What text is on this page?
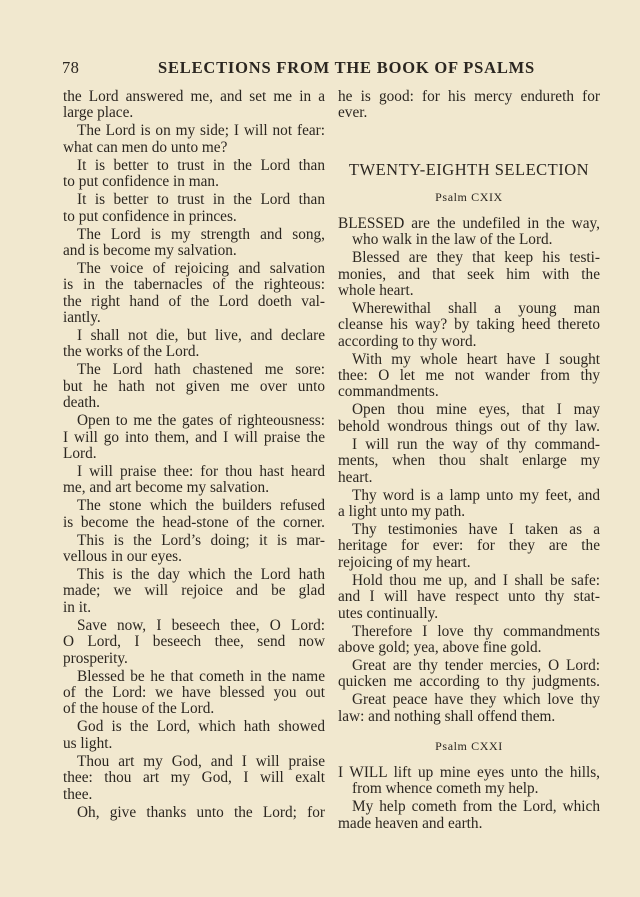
78	SELECTIONS FROM THE BOOK OF PSALMS
the Lord answered me, and set me in a
large place.
The Lord is on my side; I will not fear:
what can men do unto me?
It is better to trust in the Lord than
to put confidence in man.
It is better to trust in the Lord than
to put confidence in princes.
The Lord is my strength and song,
and is become my salvation.
The voice of rejoicing and salvation
is in the tabernacles of the righteous:
the right hand of the Lord doeth val-
iantly.
I shall not die, but live, and declare
the works of the Lord.
The Lord hath chastened me sore:
but he hath not given me over unto
death.
Open to me the gates of righteousness:
I will go into them, and I will praise the
Lord.
I will praise thee: for thou hast heard
me, and art become my salvation.
The stone which the builders refused
is become the head-stone of the corner.
This is the Lord’s doing; it is mar-
vellous in our eyes.
This is the day which the Lord hath
made; we will rejoice and be glad
in it.
Save now, I beseech thee, O Lord:
O Lord, I beseech thee, send now
prosperity.
Blessed be he that cometh in the name
of the Lord: we have blessed you out
of the house of the Lord.
God is the Lord, which hath showed
us light.
Thou art my God, and I will praise
thee: thou art my God, I will exalt
thee.
Oh, give thanks unto the Lord; for
he is good: for his mercy endureth for
ever.
TWENTY-EIGHTH SELECTION
Psalm CXIX
BLESSED are the undefiled in the way,
who walk in the law of the Lord.
Blessed are they that keep his testi-
monies, and that seek him with the
whole heart.
Wherewithal shall a young man
cleanse his way? by taking heed thereto
according to thy word.
With my whole heart have I sought
thee: O let me not wander from thy
commandments.
Open thou mine eyes, that I may
behold wondrous things out of thy law.
I will run the way of thy command-
ments, when thou shalt enlarge my
heart.
Thy word is a lamp unto my feet, and
a light unto my path.
Thy testimonies have I taken as a
heritage for ever: for they are the
rejoicing of my heart.
Hold thou me up, and I shall be safe:
and I will have respect unto thy stat-
utes continually.
Therefore I love thy commandments
above gold; yea, above fine gold.
Great are thy tender mercies, O Lord:
quicken me according to thy judgments.
Great peace have they which love thy
law: and nothing shall offend them.
Psalm CXXI
I WILL lift up mine eyes unto the hills,
from whence cometh my help.
My help cometh from the Lord, which
made heaven and earth.
